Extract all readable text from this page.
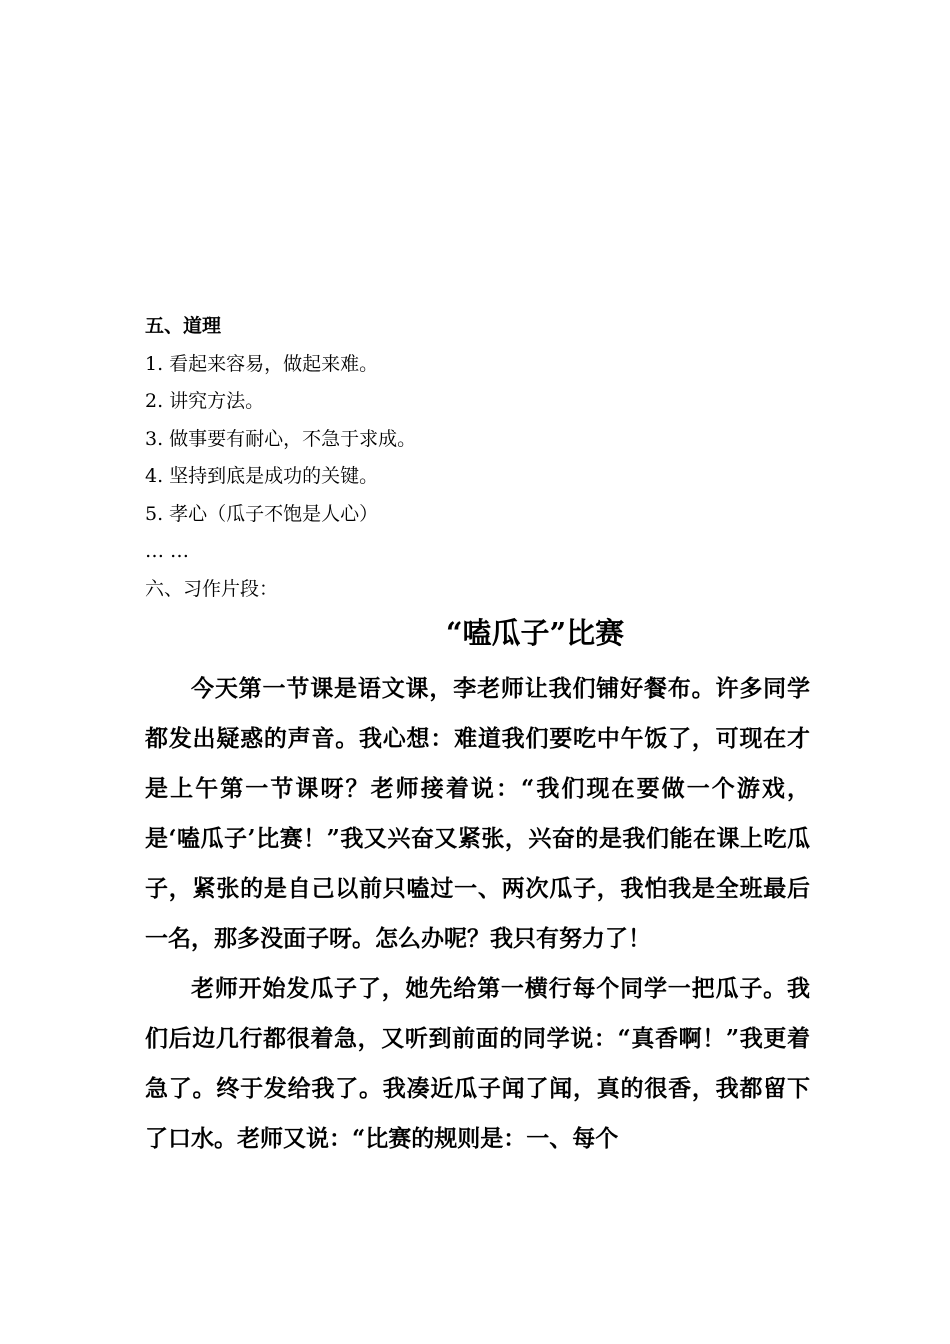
五、道理
1. 看起来容易，做起来难。
2. 讲究方法。
3. 做事要有耐心，不急于求成。
4. 坚持到底是成功的关键。
5. 孝心（瓜子不饱是人心）
… …
六、习作片段：
“嗑瓜子”比赛

今天第一节课是语文课，李老师让我们铺好餐布。许多同学都发出疑惑的声音。我心想：难道我们要吃中午饭了，可现在才是上午第一节课呀？老师接着说：“我们现在要做一个游戏，是‘嗑瓜子’比赛！”我又兴奋又紧张，兴奋的是我们能在课上吃瓜子，紧张的是自己以前只嗑过一、两次瓜子，我怕我是全班最后一名，那多没面子呀。怎么办呢？我只有努力了！

老师开始发瓜子了，她先给第一横行每个同学一把瓜子。我们后边几行都很着急，又听到前面的同学说：“真香啊！”我更着急了。终于发给我了。我凑近瓜子闻了闻，真的很香，我都留下了口水。老师又说：“比赛的规则是：一、每个
